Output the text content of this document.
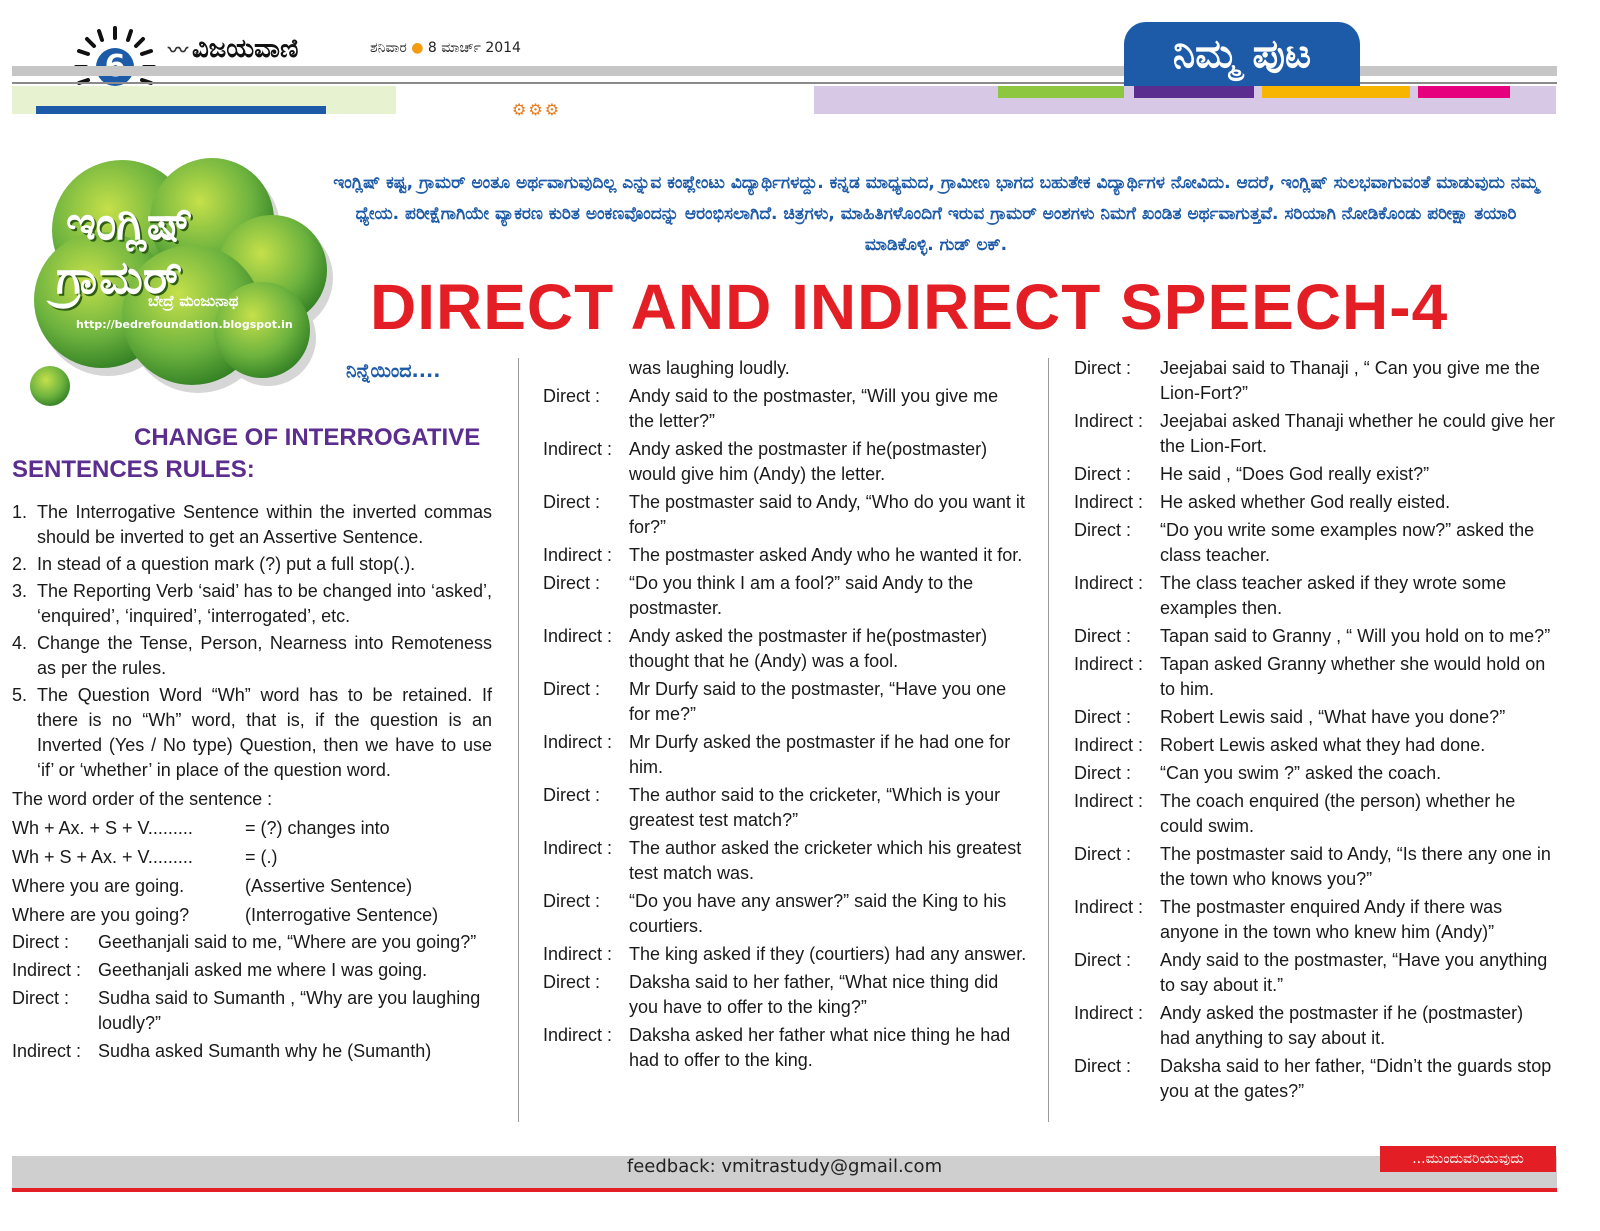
〰 ವಿಜಯವಾಣಿ	ಶನಿವಾರ ● 8 ಮಾರ್ಚ್ 2014
⚙⚙⚙
ನಿಮ್ಮ ಪುಟ
ಇಂಗ್ಲಿಷ್
ಗ್ರಾಮರ್
ಬೇದ್ರೆ ಮಂಜುನಾಥ
http://bedrefoundation.blogspot.in
ಇಂಗ್ಲಿಷ್ ಕಷ್ಟ, ಗ್ರಾಮರ್ ಅಂತೂ ಅರ್ಥವಾಗುವುದಿಲ್ಲ ಎನ್ನುವ ಕಂಪ್ಲೇಂಟು ವಿದ್ಯಾರ್ಥಿಗಳದ್ದು. ಕನ್ನಡ ಮಾಧ್ಯಮದ, ಗ್ರಾಮೀಣ ಭಾಗದ ಬಹುತೇಕ ವಿದ್ಯಾರ್ಥಿಗಳ ನೋವಿದು. ಆದರೆ, ಇಂಗ್ಲಿಷ್ ಸುಲಭವಾಗುವಂತೆ ಮಾಡುವುದು ನಮ್ಮ ಧ್ಯೇಯ. ಪರೀಕ್ಷೆಗಾಗಿಯೇ ವ್ಯಾಕರಣ ಕುರಿತ ಅಂಕಣವೊಂದನ್ನು ಆರಂಭಿಸಲಾಗಿದೆ. ಚಿತ್ರಗಳು, ಮಾಹಿತಿಗಳೊಂದಿಗೆ ಇರುವ ಗ್ರಾಮರ್ ಅಂಶಗಳು ನಿಮಗೆ ಖಂಡಿತ ಅರ್ಥವಾಗುತ್ತವೆ. ಸರಿಯಾಗಿ ನೋಡಿಕೊಂಡು ಪರೀಕ್ಷಾ ತಯಾರಿ ಮಾಡಿಕೊಳ್ಳಿ. ಗುಡ್ ಲಕ್.
DIRECT AND INDIRECT SPEECH-4
ನಿನ್ನೆಯಿಂದ....
CHANGE OF INTERROGATIVE
SENTENCES RULES:
1. The Interrogative Sentence within the inverted commas should be inverted to get an Assertive Sentence.
2. In stead of a question mark (?) put a full stop(.).
3. The Reporting Verb ‘said’ has to be changed into ‘asked’, ‘enquired’, ‘inquired’, ‘interrogated’, etc.
4. Change the Tense, Person, Nearness into Remoteness as per the rules.
5. The Question Word “Wh” word has to be retained. If there is no “Wh” word, that is, if the question is an Inverted (Yes / No type) Question, then we have to use ‘if’ or ‘whether’ in place of the question word.
The word order of the sentence :
Wh + Ax. + S + V.........	= (?) changes into
Wh + S + Ax. + V.........	= (.)
Where you are going.	(Assertive Sentence)
Where are you going?	(Interrogative Sentence)
Direct :	Geethanjali said to me, “Where are you going?”
Indirect : Geethanjali asked me where I was going.
Direct :	Sudha said to Sumanth , “Why are you laughing loudly?”
Indirect : Sudha asked Sumanth why he (Sumanth)
was laughing loudly.
Direct :	Andy said to the postmaster, “Will you give me the letter?”
Indirect : Andy asked the postmaster if he(postmaster) would give him (Andy) the letter.
Direct :	The postmaster said to Andy, “Who do you want it for?”
Indirect : The postmaster asked Andy who he wanted it for.
Direct :	“Do you think I am a fool?” said Andy to the postmaster.
Indirect : Andy asked the postmaster if he(postmaster) thought that he (Andy) was a fool.
Direct :	Mr Durfy said to the postmaster, “Have you one for me?”
Indirect : Mr Durfy asked the postmaster if he had one for him.
Direct :	The author said to the cricketer, “Which is your greatest test match?”
Indirect : The author asked the cricketer which his greatest test match was.
Direct :	“Do you have any answer?” said the King to his courtiers.
Indirect : The king asked if they (courtiers) had any answer.
Direct :	Daksha said to her father, “What nice thing did you have to offer to the king?”
Indirect : Daksha asked her father what nice thing he had had to offer to the king.
Direct :	Jeejabai said to Thanaji , “ Can you give me the Lion-Fort?”
Indirect : Jeejabai asked Thanaji whether he could give her the Lion-Fort.
Direct :	He said , “Does God really exist?”
Indirect : He asked whether God really eisted.
Direct :	“Do you write some examples now?” asked the class teacher.
Indirect : The class teacher asked if they wrote some examples then.
Direct :	Tapan said to Granny , “ Will you hold on to me?”
Indirect : Tapan asked Granny whether she would hold on to him.
Direct :	Robert Lewis said , “What have you done?”
Indirect : Robert Lewis asked what they had done.
Direct :	“Can you swim ?” asked the coach.
Indirect : The coach enquired (the person) whether he could swim.
Direct :	The postmaster said to Andy, “Is there any one in the town who knows you?”
Indirect : The postmaster enquired Andy if there was anyone in the town who knew him (Andy)”
Direct :	Andy said to the postmaster, “Have you anything to say about it.”
Indirect : Andy asked the postmaster if he (postmaster) had anything to say about it.
Direct :	Daksha said to her father, “Didn’t the guards stop you at the gates?”
feedback: vmitrastudy@gmail.com	...ಮುಂದುವರಿಯುವುದು
